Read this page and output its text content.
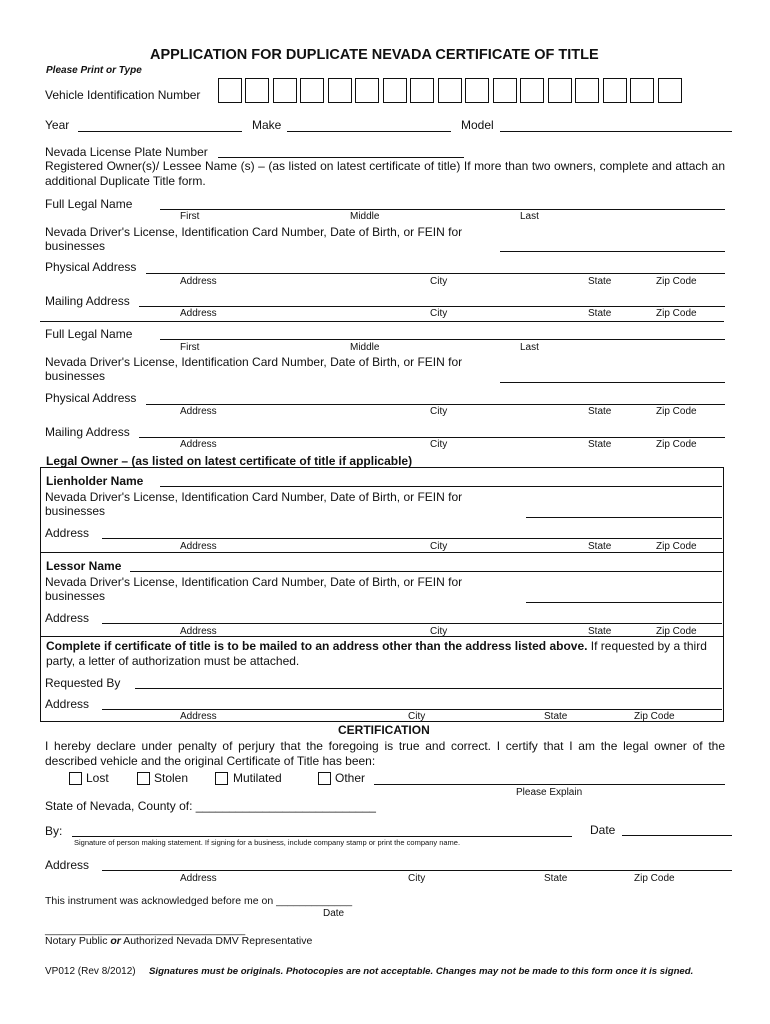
APPLICATION FOR DUPLICATE NEVADA CERTIFICATE OF TITLE
Please Print or Type
Vehicle Identification Number
Year	Make	Model
Nevada License Plate Number
Registered Owner(s)/ Lessee Name (s) – (as listed on latest certificate of title) If more than two owners, complete and attach an additional Duplicate Title form.
Full Legal Name
First	Middle	Last
Nevada Driver's License, Identification Card Number, Date of Birth, or FEIN for
businesses
Physical Address
Address	City	State	Zip Code
Mailing Address
Address	City	State	Zip Code
Full Legal Name
First	Middle	Last
Nevada Driver's License, Identification Card Number, Date of Birth, or FEIN for
businesses
Physical Address
Address	City	State	Zip Code
Mailing Address
Address	City	State	Zip Code
Legal Owner – (as listed on latest certificate of title if applicable)
Lienholder Name
Nevada Driver's License, Identification Card Number, Date of Birth, or FEIN for
businesses
Address
Address	City	State	Zip Code
Lessor Name
Nevada Driver's License, Identification Card Number, Date of Birth, or FEIN for
businesses
Address
Address	City	State	Zip Code
Complete if certificate of title is to be mailed to an address other than the address listed above. If requested by a third party, a letter of authorization must be attached.
Requested By
Address
Address	City	State	Zip Code
CERTIFICATION
I hereby declare under penalty of perjury that the foregoing is true and correct. I certify that I am the legal owner of the described vehicle and the original Certificate of Title has been:
Lost	Stolen	Mutilated	Other
Please Explain
State of Nevada, County of: ___________________________
By:
Signature of person making statement. If signing for a business, include company stamp or print the company name.
Date
Address
Address	City	State	Zip Code
This instrument was acknowledged before me on _____________
Date
____________________________________
Notary Public or Authorized Nevada DMV Representative
VP012 (Rev 8/2012) Signatures must be originals. Photocopies are not acceptable. Changes may not be made to this form once it is signed.
